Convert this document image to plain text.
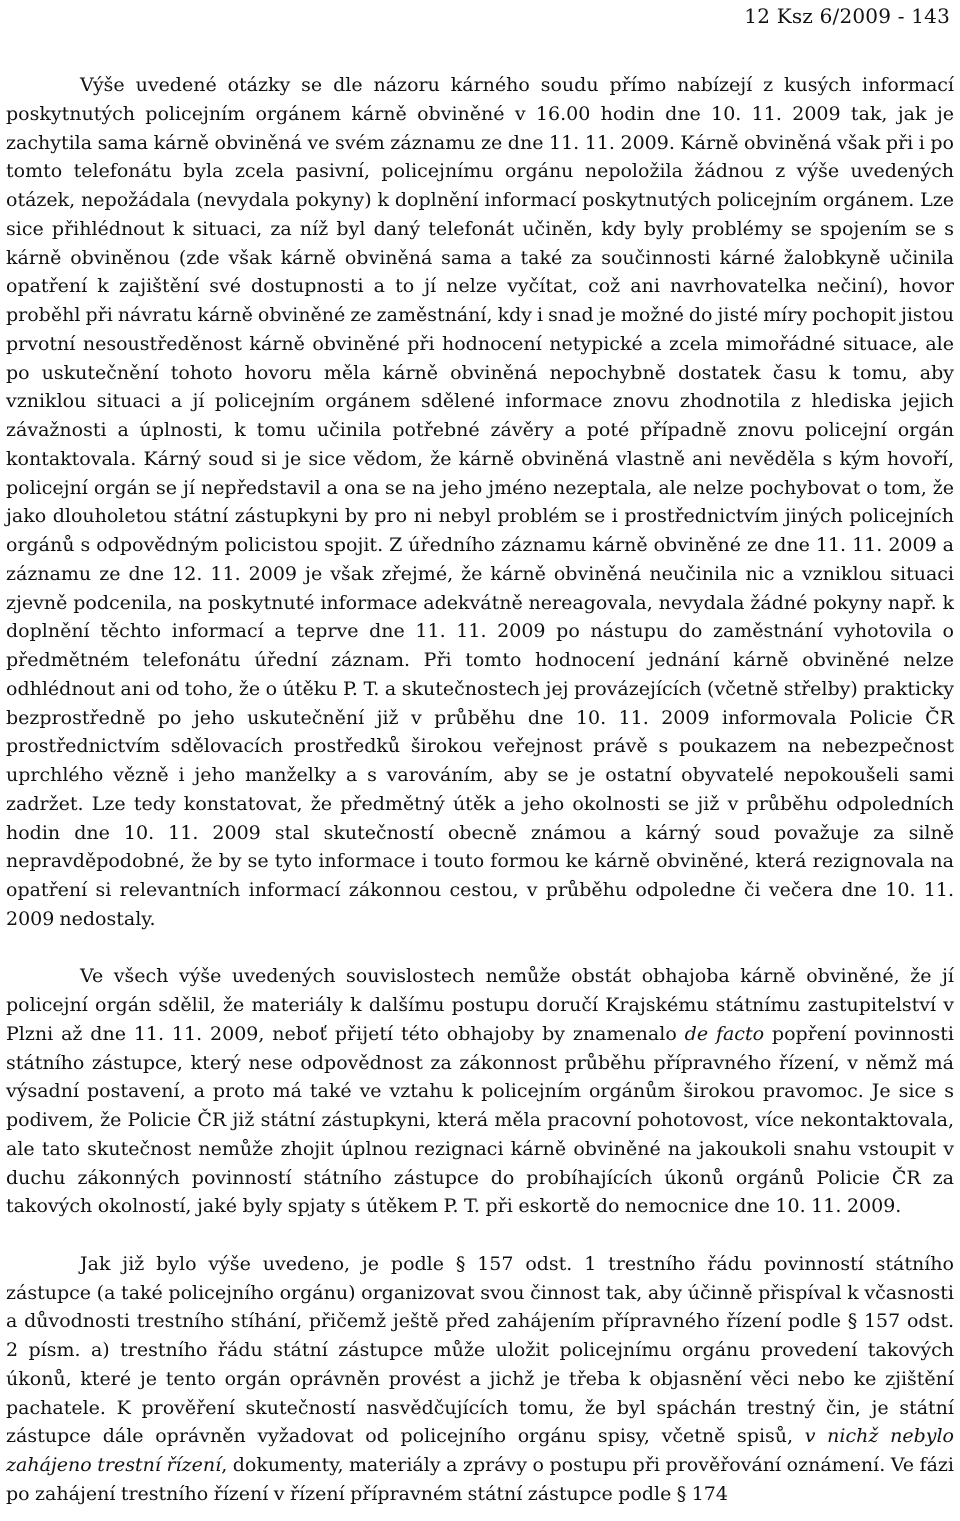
12 Ksz 6/2009 - 143

Výše uvedené otázky se dle názoru kárného soudu přímo nabízejí z kusých informací poskytnutých policejním orgánem kárně obviněné v 16.00 hodin dne 10. 11. 2009 tak, jak je zachytila sama kárně obviněná ve svém záznamu ze dne 11. 11. 2009. Kárně obviněná však při i po tomto telefonátu byla zcela pasivní, policejnímu orgánu nepoložila žádnou z výše uvedených otázek, nepožádala (nevydala pokyny) k doplnění informací poskytnutých policejním orgánem. Lze sice přihlédnout k situaci, za níž byl daný telefonát učiněn, kdy byly problémy se spojením se s kárně obviněnou (zde však kárně obviněná sama a také za součinnosti kárné žalobkyně učinila opatření k zajištění své dostupnosti a to jí nelze vyčítat, což ani navrhovatelka nečiní), hovor proběhl při návratu kárně obviněné ze zaměstnání, kdy i snad je možné do jisté míry pochopit jistou prvotní nesoustředěnost kárně obviněné při hodnocení netypické a zcela mimořádné situace, ale po uskutečnění tohoto hovoru měla kárně obviněná nepochybně dostatek času k tomu, aby vzniklou situaci a jí policejním orgánem sdělené informace znovu zhodnotila z hlediska jejich závažnosti a úplnosti, k tomu učinila potřebné závěry a poté případně znovu policejní orgán kontaktovala. Kárný soud si je sice vědom, že kárně obviněná vlastně ani nevěděla s kým hovoří, policejní orgán se jí nepředstavil a ona se na jeho jméno nezeptala, ale nelze pochybovat o tom, že jako dlouholetou státní zástupkyni by pro ni nebyl problém se i prostřednictvím jiných policejních orgánů s odpovědným policistou spojit. Z úředního záznamu kárně obviněné ze dne 11. 11. 2009 a záznamu ze dne 12. 11. 2009 je však zřejmé, že kárně obviněná neučinila nic a vzniklou situaci zjevně podcenila, na poskytnuté informace adekvátně nereagovala, nevydala žádné pokyny např. k doplnění těchto informací a teprve dne 11. 11. 2009 po nástupu do zaměstnání vyhotovila o předmětném telefonátu úřední záznam. Při tomto hodnocení jednání kárně obviněné nelze odhlédnout ani od toho, že o útěku P. T. a skutečnostech jej provázejících (včetně střelby) prakticky bezprostředně po jeho uskutečnění již v průběhu dne 10. 11. 2009 informovala Policie ČR prostřednictvím sdělovacích prostředků širokou veřejnost právě s poukazem na nebezpečnost uprchlého vězně i jeho manželky a s varováním, aby se je ostatní obyvatelé nepokoušeli sami zadržet. Lze tedy konstatovat, že předmětný útěk a jeho okolnosti se již v průběhu odpoledních hodin dne 10. 11. 2009 stal skutečností obecně známou a kárný soud považuje za silně nepravděpodobné, že by se tyto informace i touto formou ke kárně obviněné, která rezignovala na opatření si relevantních informací zákonnou cestou, v průběhu odpoledne či večera dne 10. 11. 2009 nedostaly.

Ve všech výše uvedených souvislostech nemůže obstát obhajoba kárně obviněné, že jí policejní orgán sdělil, že materiály k dalšímu postupu doručí Krajskému státnímu zastupitelství v Plzni až dne 11. 11. 2009, neboť přijetí této obhajoby by znamenalo de facto popření povinnosti státního zástupce, který nese odpovědnost za zákonnost průběhu přípravného řízení, v němž má výsadní postavení, a proto má také ve vztahu k policejním orgánům širokou pravomoc. Je sice s podivem, že Policie ČR již státní zástupkyni, která měla pracovní pohotovost, více nekontaktovala, ale tato skutečnost nemůže zhojit úplnou rezignaci kárně obviněné na jakoukoli snahu vstoupit v duchu zákonných povinností státního zástupce do probíhajících úkonů orgánů Policie ČR za takových okolností, jaké byly spjaty s útěkem P. T. při eskortě do nemocnice dne 10. 11. 2009.

Jak již bylo výše uvedeno, je podle § 157 odst. 1 trestního řádu povinností státního zástupce (a také policejního orgánu) organizovat svou činnost tak, aby účinně přispíval k včasnosti a důvodnosti trestního stíhání, přičemž ještě před zahájením přípravného řízení podle § 157 odst. 2 písm. a) trestního řádu státní zástupce může uložit policejnímu orgánu provedení takových úkonů, které je tento orgán oprávněn provést a jichž je třeba k objasnění věci nebo ke zjištění pachatele. K prověření skutečností nasvědčujících tomu, že byl spáchán trestný čin, je státní zástupce dále oprávněn vyžadovat od policejního orgánu spisy, včetně spisů, v nichž nebylo zahájeno trestní řízení, dokumenty, materiály a zprávy o postupu při prověřování oznámení. Ve fázi po zahájení trestního řízení v řízení přípravném státní zástupce podle § 174
